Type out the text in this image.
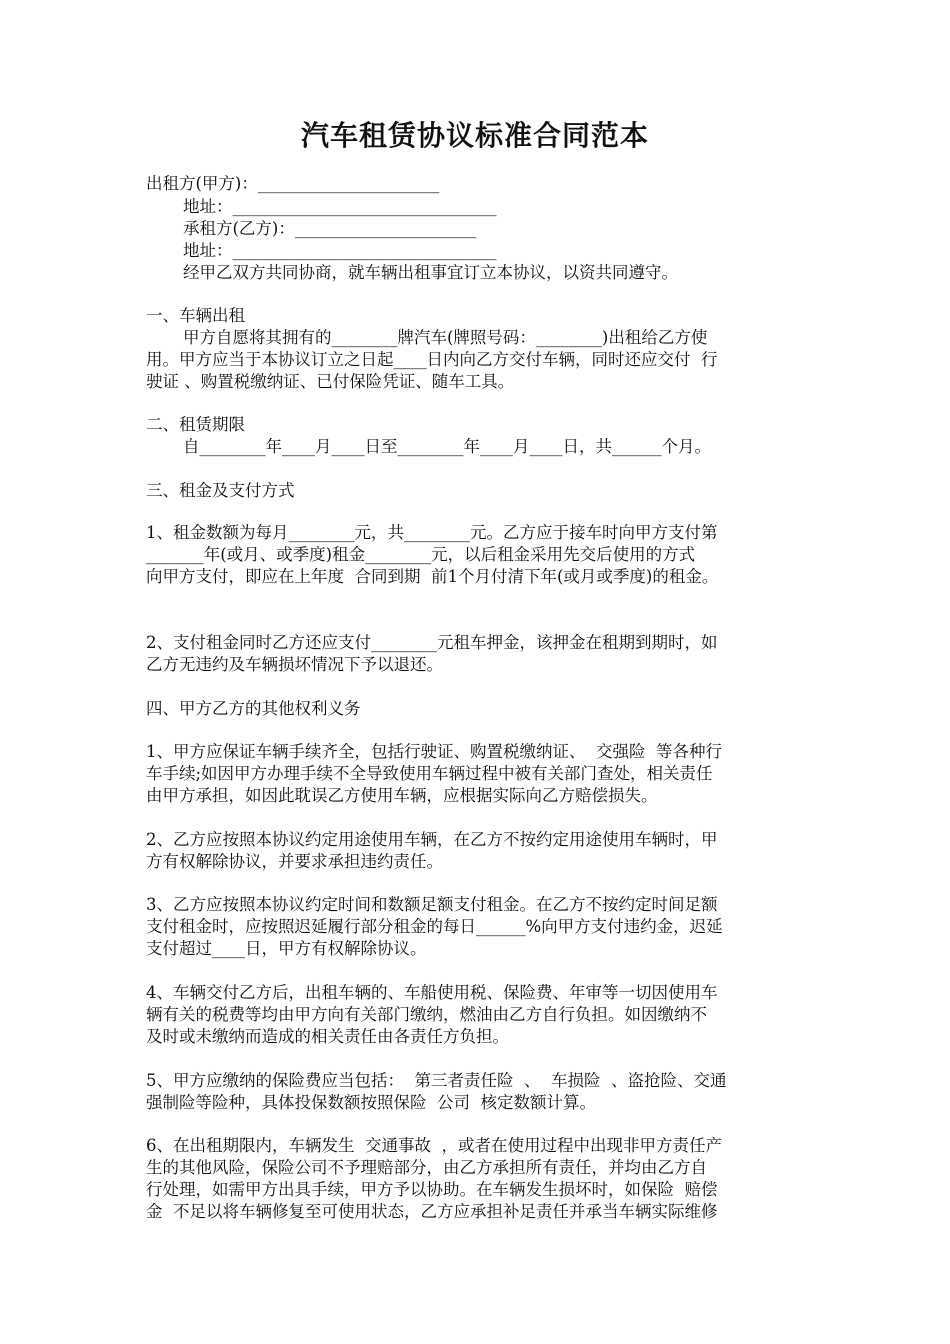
汽车租赁协议标准合同范本
出租方(甲方)：______________________
地址：________________________________
承租方(乙方)：______________________
地址：________________________________
经甲乙双方共同协商，就车辆出租事宜订立本协议，以资共同遵守。
一、车辆出租
甲方自愿将其拥有的________牌汽车(牌照号码：________)出租给乙方使
用。甲方应当于本协议订立之日起____日内向乙方交付车辆，同时还应交付  行
驶证 、购置税缴纳证、已付保险凭证、随车工具。
二、租赁期限
自________年____月____日至________年____月____日，共______个月。
三、租金及支付方式
1、租金数额为每月________元，共________元。乙方应于接车时向甲方支付第
_______年(或月、或季度)租金________元，以后租金采用先交后使用的方式
向甲方支付，即应在上年度  合同到期  前1个月付清下年(或月或季度)的租金。
2、支付租金同时乙方还应支付________元租车押金，该押金在租期到期时，如
乙方无违约及车辆损坏情况下予以退还。
四、甲方乙方的其他权利义务
1、甲方应保证车辆手续齐全，包括行驶证、购置税缴纳证、  交强险  等各种行
车手续;如因甲方办理手续不全导致使用车辆过程中被有关部门查处，相关责任
由甲方承担，如因此耽误乙方使用车辆，应根据实际向乙方赔偿损失。
2、乙方应按照本协议约定用途使用车辆，在乙方不按约定用途使用车辆时，甲
方有权解除协议，并要求承担违约责任。
3、乙方应按照本协议约定时间和数额足额支付租金。在乙方不按约定时间足额
支付租金时，应按照迟延履行部分租金的每日______%向甲方支付违约金，迟延
支付超过____日，甲方有权解除协议。
4、车辆交付乙方后，出租车辆的、车船使用税、保险费、年审等一切因使用车
辆有关的税费等均由甲方向有关部门缴纳，燃油由乙方自行负担。如因缴纳不
及时或未缴纳而造成的相关责任由各责任方负担。
5、甲方应缴纳的保险费应当包括：  第三者责任险  、  车损险  、盗抢险、交通
强制险等险种，具体投保数额按照保险  公司  核定数额计算。
6、在出租期限内，车辆发生  交通事故  ，或者在使用过程中出现非甲方责任产
生的其他风险，保险公司不予理赔部分，由乙方承担所有责任，并均由乙方自
行处理，如需甲方出具手续，甲方予以协助。在车辆发生损坏时，如保险  赔偿
金  不足以将车辆修复至可使用状态，乙方应承担补足责任并承当车辆实际维修
